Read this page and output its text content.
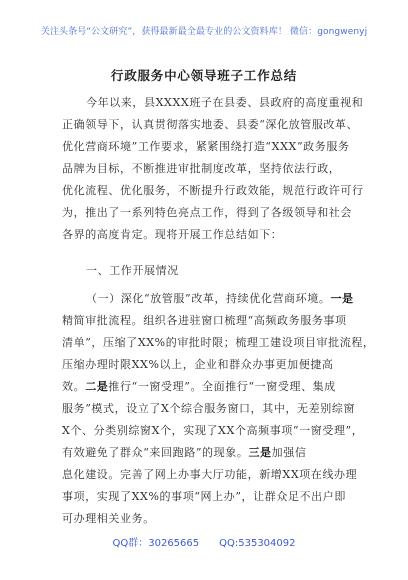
关注头条号“公文研究”，获得最新最全最专业的公文资料库！ 微信：gongwenyj
行政服务中心领导班子工作总结
今年以来，县XXXX班子在县委、县政府的高度重视和
正确领导下，认真贯彻落实地委、县委“深化放管服改革、
优化营商环境”工作要求，紧紧围绕打造“XXX”政务服务
品牌为目标，不断推进审批制度改革，坚持依法行政，
优化流程、优化服务，不断提升行政效能，规范行政许可行
为，推出了一系列特色亮点工作，得到了各级领导和社会
各界的高度肯定。现将开展工作总结如下：
一、工作开展情况
（一）深化“放管服”改革，持续优化营商环境。一是
精简审批流程。组织各进驻窗口梳理“高频政务服务事项
清单”，压缩了XX%的审批时限；梳理工建设项目审批流程，
压缩办理时限XX%以上，企业和群众办事更加便捷高
效。二是推行“一窗受理”。全面推行“一窗受理、集成
服务”模式，设立了X个综合服务窗口，其中，无差别综窗
X个、分类别综窗X个，实现了XX个高频事项“一窗受理”，
有效避免了群众“来回跑路”的现象。三是加强信
息化建设。完善了网上办事大厅功能，新增XX项在线办理
事项，实现了XX%的事项“网上办”，让群众足不出户即
可办理相关业务。
QQ群：30265665 QQ:535304092
